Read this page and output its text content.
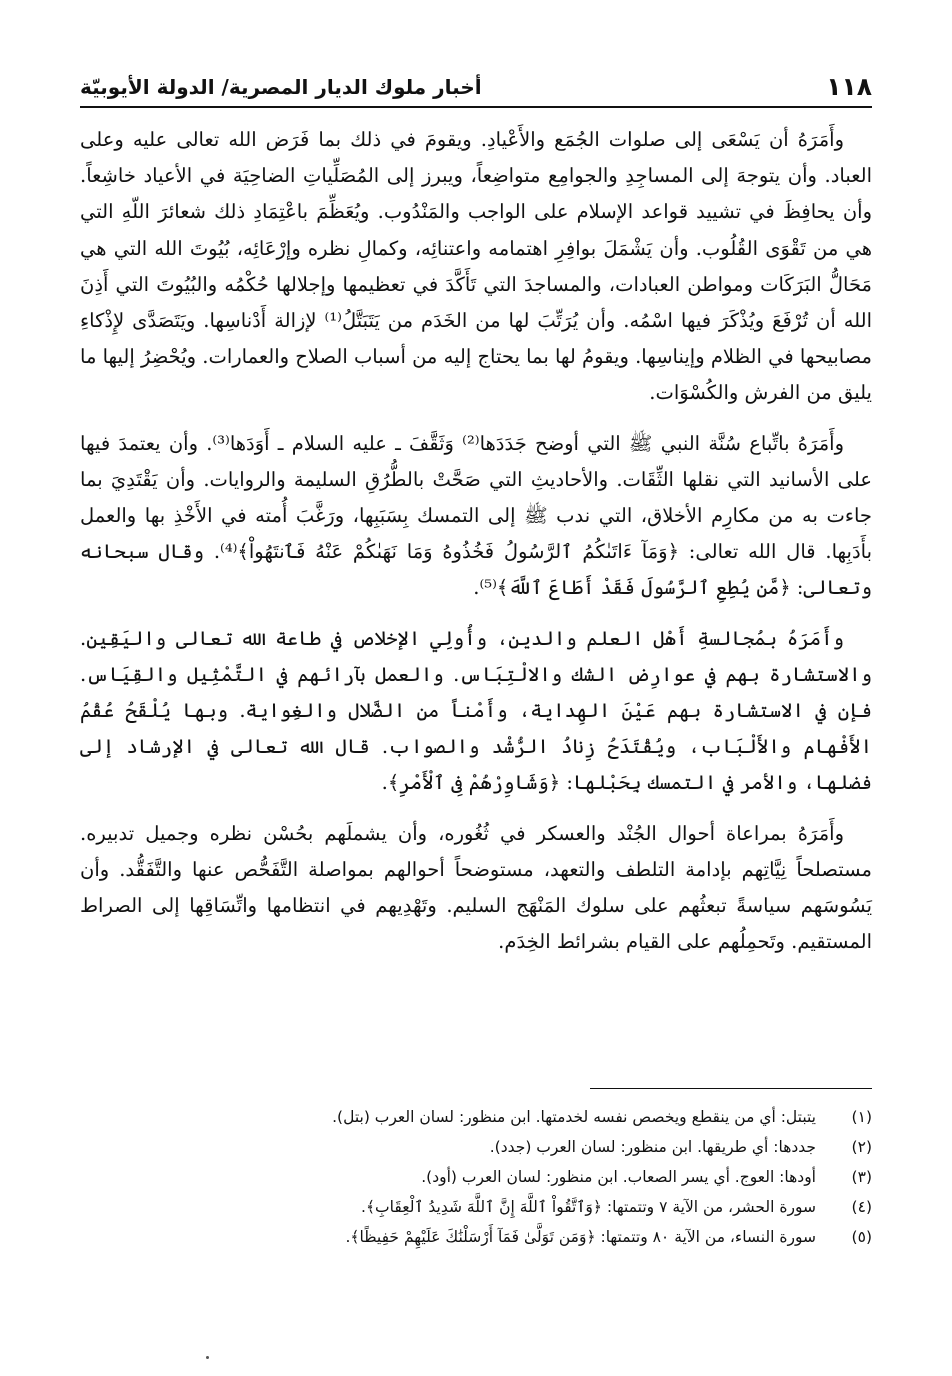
١١٨
أخبار ملوك الديار المصرية/ الدولة الأيوبيّة

وأَمَرَهُ أن يَسْعَى إلى صلوات الجُمَع والأَعْيادِ. ويقومَ في ذلك بما فَرَض الله تعالى عليه وعلى العباد. وأن يتوجهَ إلى المساجِدِ والجوامِع متواضِعاً، ويبرز إلى المُصَلِّياتِ الضاحِيَة في الأعياد خاشِعاً. وأن يحافِظَ في تشييد قواعد الإسلام على الواجب والمَنْدُوب. ويُعَظِّمَ باعْتِمَادِ ذلك شعائرَ اللّهِ التي هي من تَقْوَى القُلُوب. وأن يَشْمَلَ بوافِرِ اهتمامه واعتنائِه، وكمالِ نظره وإرْعَائِه، بُيُوتَ الله التي هي مَحَالُّ البَرَكَات ومواطن العبادات، والمساجدَ التي تَأَكَّدَ في تعظيمها وإجلالها حُكْمُه والبُيُوتَ التي أَذِنَ الله أن تُرْفَعَ ويُذْكَرَ فيها اسْمُه. وأن يُرَتِّبَ لها من الخَدَم من يَتَبَتَّلُ⁽¹⁾ لإزالة أَدْناسِها. ويَتَصَدَّى لإِذْكاءِ مصابيحها في الظلام وإيناسِها. ويقومُ لها بما يحتاج إليه من أسباب الصلاح والعمارات. ويُحْضِرُ إليها ما يليق من الفرش والكُسْوَات.

وأَمَرَهُ باتِّباع سُنَّة النبي ﷺ التي أوضح جَدَدَها⁽²⁾ وَثَقَّفَ ـ عليه السلام ـ أَوَدَها⁽³⁾. وأن يعتمدَ فيها على الأسانيد التي نقلها الثِّقَات. والأحاديثِ التي صَحَّتْ بالطُّرُقِ السليمة والروايات. وأن يَقْتَدِيَ بما جاءت به من مكارِم الأخلاق، التي ندب ﷺ إلى التمسك بِسَبَبِها، ورَغَّبَ أُمته في الأَخْذِ بها والعمل بأَدَبِها. قال الله تعالى: ﴿وَمَآ ءَاتَىٰكُمُ ٱلرَّسُولُ فَخُذُوهُ وَمَا نَهَىٰكُمْ عَنْهُ فَٱنتَهُواْ﴾⁽⁴⁾. وقال سبحانه وتعالى: ﴿مَّن يُطِعِ ٱلرَّسُولَ فَقَدْ أَطَاعَ ٱللَّهَ﴾⁽⁵⁾.

وأَمَرَهُ بمُجالسةِ أَهْل العلم والدين، وأُولِي الإخلاص في طاعة الله تعالى واليَقِين. والاستشارة بهم في عوارِض الشك والالْتِبَاس. والعمل بآرائهم في التَّمْثِيل والقِيَاس. فإن في الاستشارة بهم عَيْنَ الهِداية، وأَمْناً من الضَّلال والغِواية. وبها يُلْقَحُ عُقْمُ الأَفْهام والأَلْبَاب، ويُقْتَدَحُ زِنادُ الرُّشْد والصواب. قال الله تعالى في الإرشاد إلى فضلها، والأمر في التمسك بِحَبْلها: ﴿وَشَاوِرْهُمْ فِى ٱلْأَمْرِ﴾.

وأَمَرَهُ بمراعاة أحوال الجُنْد والعسكر في ثُغُوره، وأن يشملَهم بحُسْن نظره وجميل تدبيره. مستصلحاً نِيَّاتِهم بإدامة التلطف والتعهد، مستوضحاً أحوالهم بمواصلة التَّفَحُّص عنها والتَّفَقُّد. وأن يَسُوسَهم سياسةً تبعثُهم على سلوك المَنْهَج السليم. وتَهْدِيهم في انتظامها واتِّسَاقِها إلى الصراط المستقيم. وتَحمِلُهم على القيام بشرائط الخِدَم.

(١)
يتبتل: أي من ينقطع ويخصص نفسه لخدمتها. ابن منظور: لسان العرب (بتل).
(٢)
جددها: أي طريقها. ابن منظور: لسان العرب (جدد).
(٣)
أودها: العوج. أي يسر الصعاب. ابن منظور: لسان العرب (أود).
(٤)
سورة الحشر، من الآية ٧ وتتمتها: ﴿وَٱتَّقُواْ ٱللَّهَ إِنَّ ٱللَّهَ شَدِيدُ ٱلْعِقَابِ﴾.
(٥)
سورة النساء، من الآية ٨٠ وتتمتها: ﴿وَمَن تَوَلَّىٰ فَمَآ أَرْسَلْنَٰكَ عَلَيْهِمْ حَفِيظًا﴾.
